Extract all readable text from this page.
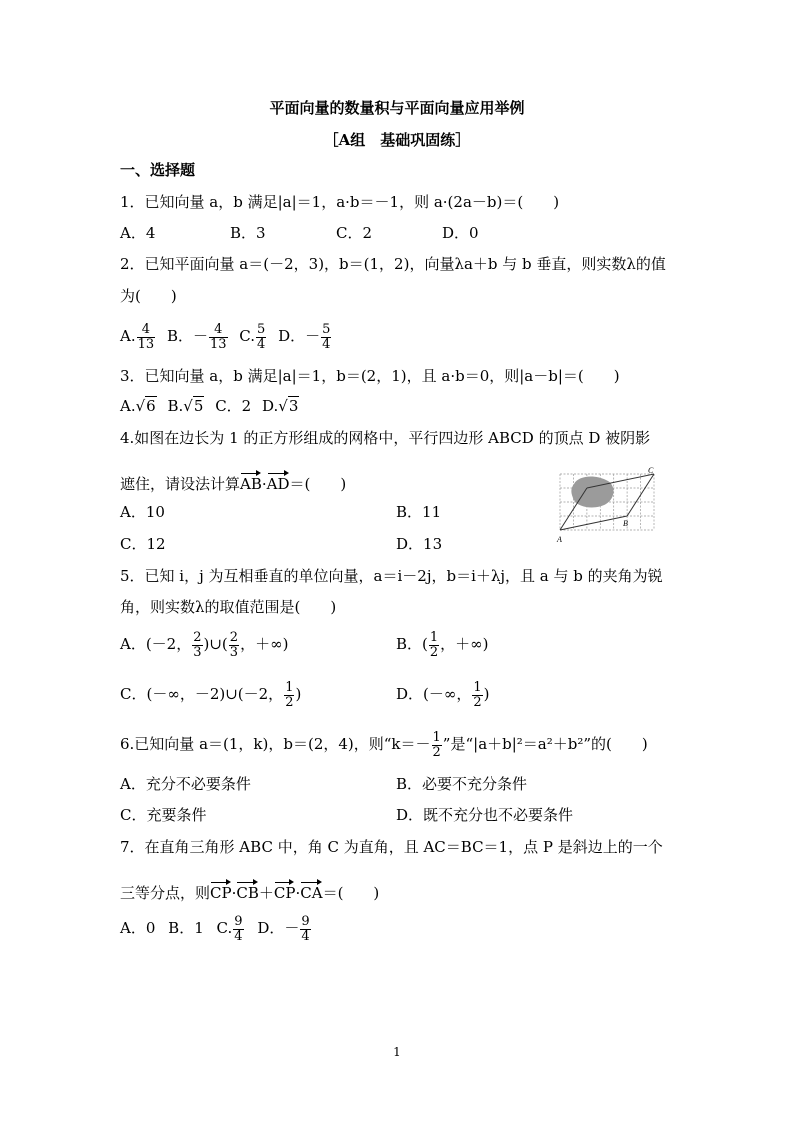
平面向量的数量积与平面向量应用举例
［A组　基础巩固练］
一、选择题
1．已知向量 a，b 满足|a|＝1，a·b＝－1，则 a·(2a－b)＝(　　)
A．4	B．3	C．2	D．0
2．已知平面向量 a＝(－2，3)，b＝(1，2)，向量λa＋b 与 b 垂直，则实数λ的值
为(　　)
A. $\frac{4}{13}$ B．－ $\frac{4}{13} C$. $\frac{5}{4}$ D．－ $\frac{5}{4}$
3．已知向量 a，b 满足|a|＝1，b＝(2，1)，且 a·b＝0，则|a－b|＝(　　)
A.√6 B.√5 C．2 D.√3
4.如图在边长为 1 的正方形组成的网格中，平行四边形 ABCD 的顶点 D 被阴影
遮住，请设法计算AB·AD＝(　　)
A．10	B．11
C．12	D．13
C
B
A
5．已知 i，j 为互相垂直的单位向量，a＝i－2j，b＝i＋λj，且 a 与 b 的夹角为锐
角，则实数λ的取值范围是(　　)
A．(－2， $\frac{2}{3}$ )∪( $\frac{2}{3}$ ，＋∞)	B．( $\frac{1}{2}$ ，＋∞)
C．(－∞，－2)∪(－2， $\frac{1}{2}$ )	D．(－∞， $\frac{1}{2}$ )
6.已知向量 a＝(1，k)，b＝(2，4)，则“$k=- \frac{1}{2}$ ”是“|a＋b|²＝a²＋b²”的(　　)
A．充分不必要条件	B．必要不充分条件
C．充要条件	D．既不充分也不必要条件
7．在直角三角形 ABC 中，角 C 为直角，且 AC＝BC＝1，点 P 是斜边上的一个
三等分点，则CP·CB＋CP·CA＝(　　)
A．0 B．1 C. $\frac{9}{4}$ D．－ $\frac{9}{4}$
1
